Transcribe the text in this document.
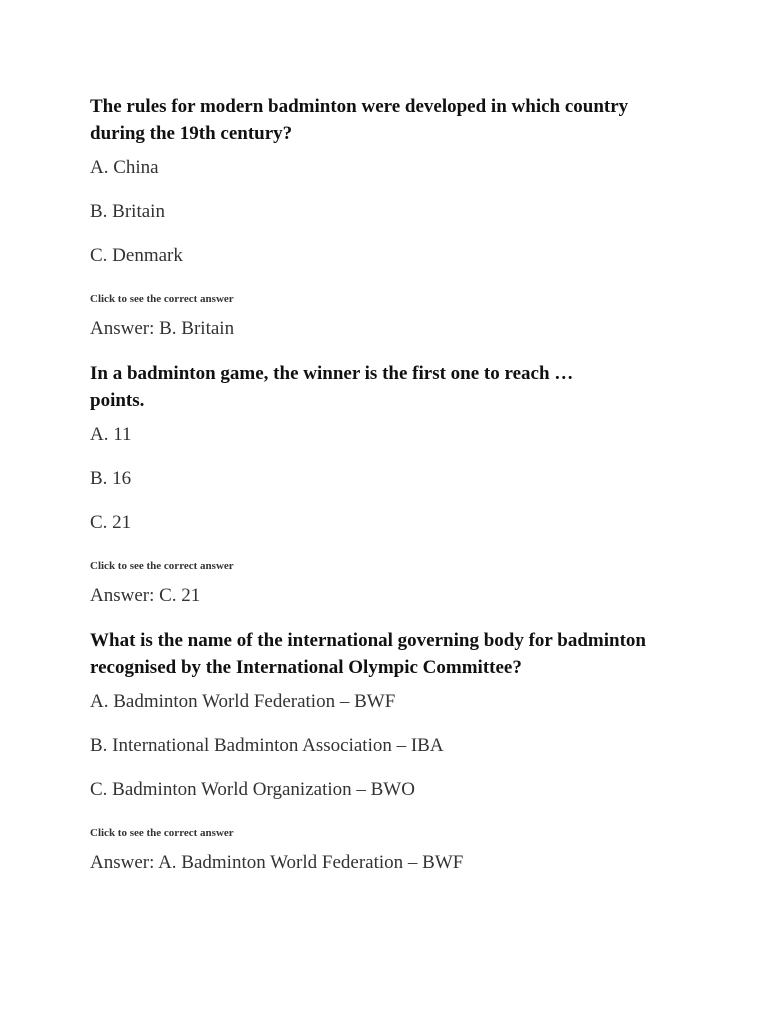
The rules for modern badminton were developed in which country during the 19th century?

A. China

B. Britain

C. Denmark

Click to see the correct answer

Answer: B. Britain

In a badminton game, the winner is the first one to reach … points.

A. 11

B. 16

C. 21

Click to see the correct answer

Answer: C. 21

What is the name of the international governing body for badminton recognised by the International Olympic Committee?

A. Badminton World Federation – BWF

B. International Badminton Association – IBA

C. Badminton World Organization – BWO

Click to see the correct answer

Answer: A. Badminton World Federation – BWF
